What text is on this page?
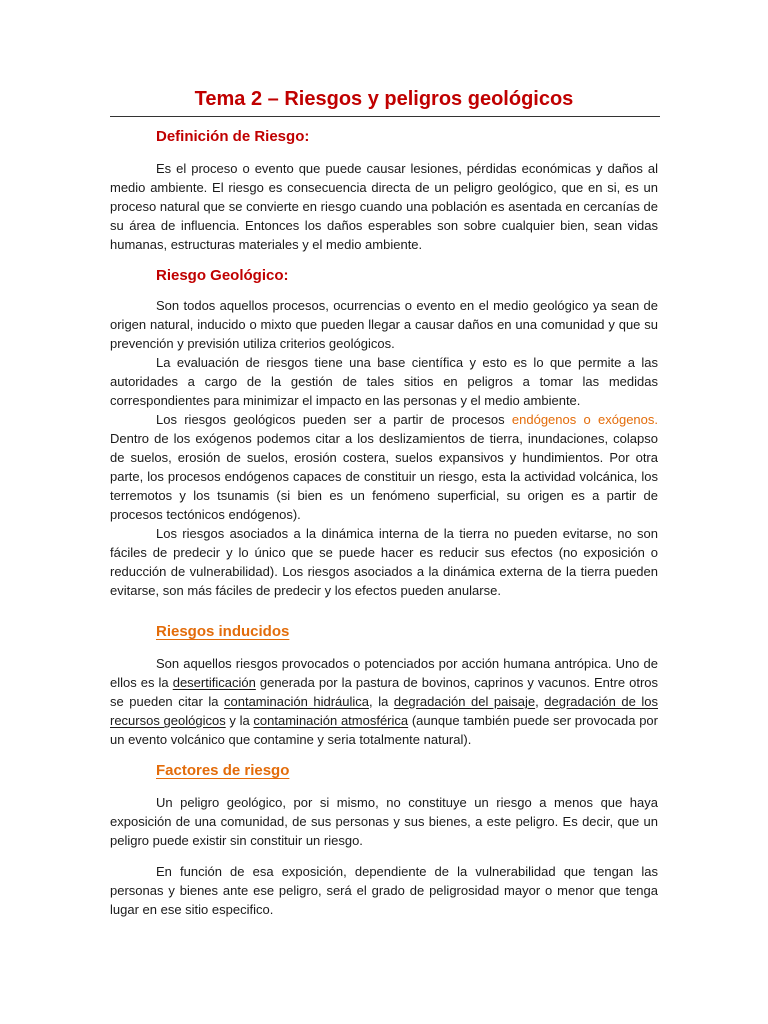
Tema 2 – Riesgos y peligros geológicos
Definición de Riesgo:

Es el proceso o evento que puede causar lesiones, pérdidas económicas y daños al medio ambiente. El riesgo es consecuencia directa de un peligro geológico, que en si, es un proceso natural que se convierte en riesgo cuando una población es asentada en cercanías de su área de influencia. Entonces los daños esperables son sobre cualquier bien, sean vidas humanas, estructuras materiales y el medio ambiente.

Riesgo Geológico:

Son todos aquellos procesos, ocurrencias o evento en el medio geológico ya sean de origen natural, inducido o mixto que pueden llegar a causar daños en una comunidad y que su prevención y previsión utiliza criterios geológicos.

La evaluación de riesgos tiene una base científica y esto es lo que permite a las autoridades a cargo de la gestión de tales sitios en peligros a tomar las medidas correspondientes para minimizar el impacto en las personas y el medio ambiente.

Los riesgos geológicos pueden ser a partir de procesos endógenos o exógenos. Dentro de los exógenos podemos citar a los deslizamientos de tierra, inundaciones, colapso de suelos, erosión de suelos, erosión costera, suelos expansivos y hundimientos. Por otra parte, los procesos endógenos capaces de constituir un riesgo, esta la actividad volcánica, los terremotos y los tsunamis (si bien es un fenómeno superficial, su origen es a partir de procesos tectónicos endógenos).

Los riesgos asociados a la dinámica interna de la tierra no pueden evitarse, no son fáciles de predecir y lo único que se puede hacer es reducir sus efectos (no exposición o reducción de vulnerabilidad). Los riesgos asociados a la dinámica externa de la tierra pueden evitarse, son más fáciles de predecir y los efectos pueden anularse.

Riesgos inducidos

Son aquellos riesgos provocados o potenciados por acción humana antrópica. Uno de ellos es la desertificación generada por la pastura de bovinos, caprinos y vacunos. Entre otros se pueden citar la contaminación hidráulica, la degradación del paisaje, degradación de los recursos geológicos y la contaminación atmosférica (aunque también puede ser provocada por un evento volcánico que contamine y seria totalmente natural).

Factores de riesgo

Un peligro geológico, por si mismo, no constituye un riesgo a menos que haya exposición de una comunidad, de sus personas y sus bienes, a este peligro. Es decir, que un peligro puede existir sin constituir un riesgo.

En función de esa exposición, dependiente de la vulnerabilidad que tengan las personas y bienes ante ese peligro, será el grado de peligrosidad mayor o menor que tenga lugar en ese sitio especifico.
